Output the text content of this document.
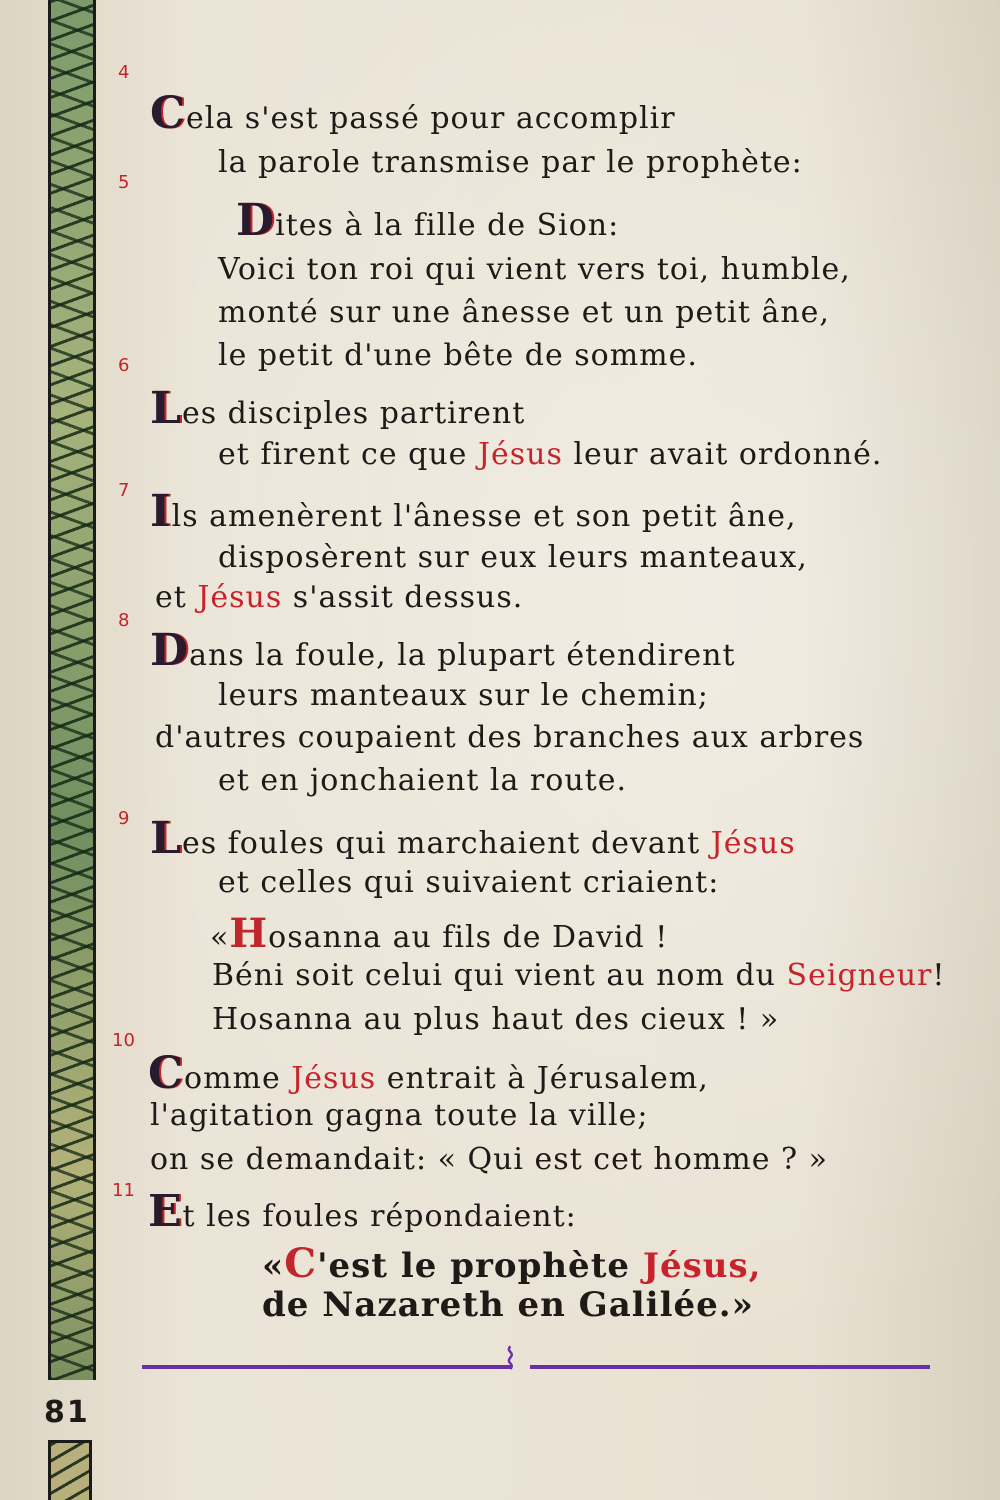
81
4
5
6
7
8
9
10
11
Cela s'est passé pour accomplir
la parole transmise par le prophète:
Dites à la fille de Sion:
Voici ton roi qui vient vers toi, humble,
monté sur une ânesse et un petit âne,
le petit d'une bête de somme.
Les disciples partirent
et firent ce que Jésus leur avait ordonné.
Ils amenèrent l'ânesse et son petit âne,
disposèrent sur eux leurs manteaux,
et Jésus s'assit dessus.
Dans la foule, la plupart étendirent
leurs manteaux sur le chemin;
d'autres coupaient des branches aux arbres
et en jonchaient la route.
Les foules qui marchaient devant Jésus
et celles qui suivaient criaient:
«Hosanna au fils de David !
Béni soit celui qui vient au nom du Seigneur!
Hosanna au plus haut des cieux ! »
Comme Jésus entrait à Jérusalem,
l'agitation gagna toute la ville;
on se demandait: « Qui est cet homme ? »
Et les foules répondaient:
«C'est le prophète Jésus,
de Nazareth en Galilée.»
⌇
